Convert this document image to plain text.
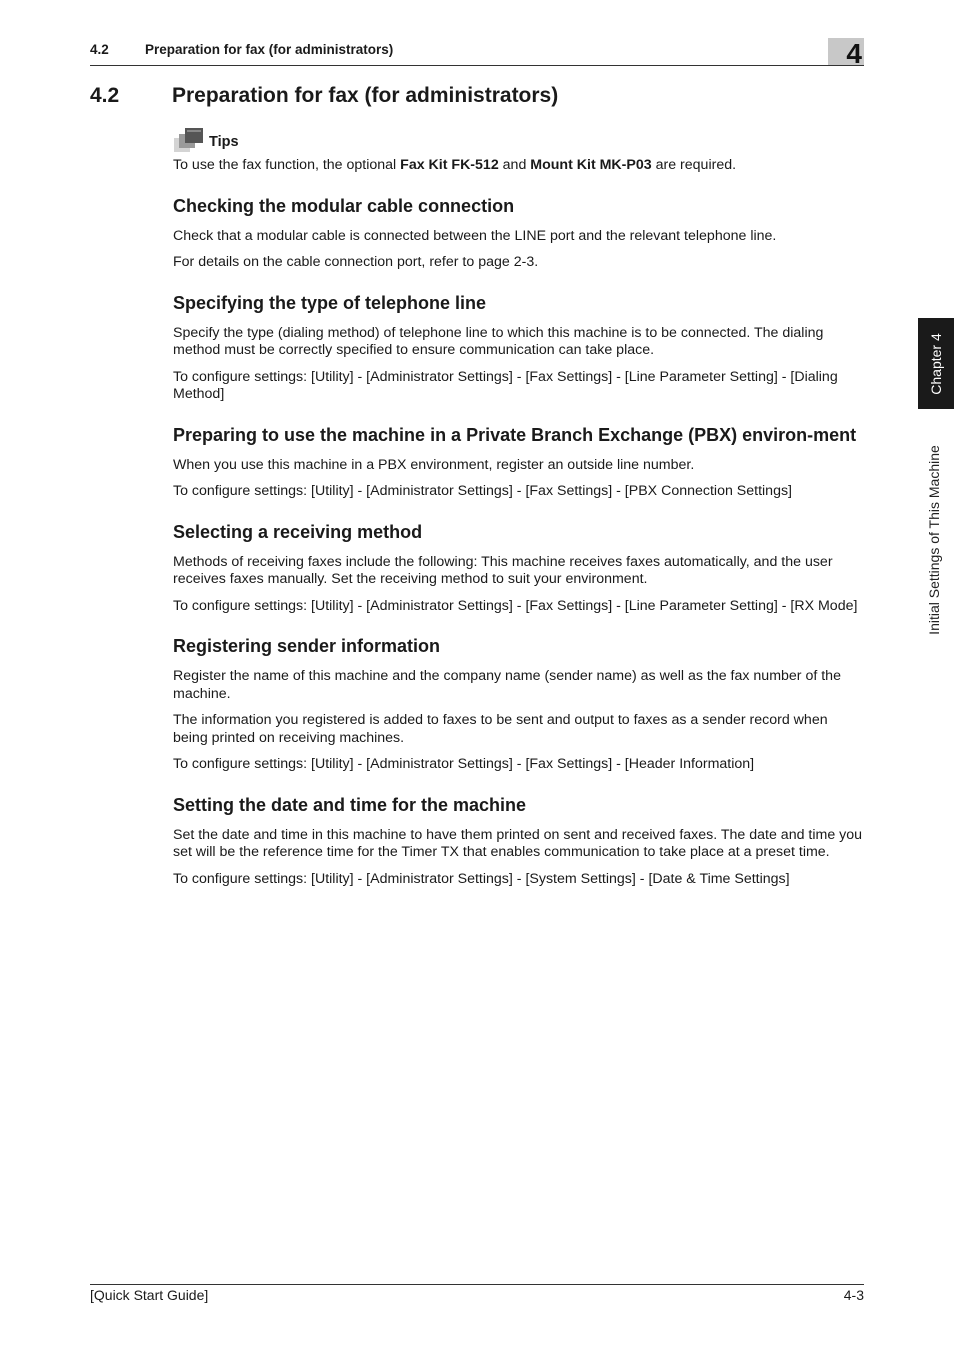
4.2	Preparation for fax (for administrators)	4
Chapter 4
Initial Settings of This Machine
4.2	Preparation for fax (for administrators)
Tips

To use the fax function, the optional Fax Kit FK-512 and Mount Kit MK-P03 are required.

Checking the modular cable connection

Check that a modular cable is connected between the LINE port and the relevant telephone line.

For details on the cable connection port, refer to page 2-3.

Specifying the type of telephone line

Specify the type (dialing method) of telephone line to which this machine is to be connected. The dialing method must be correctly specified to ensure communication can take place.

To configure settings: [Utility] - [Administrator Settings] - [Fax Settings] - [Line Parameter Setting] - [Dialing Method]

Preparing to use the machine in a Private Branch Exchange (PBX) environ-ment

When you use this machine in a PBX environment, register an outside line number.

To configure settings: [Utility] - [Administrator Settings] - [Fax Settings] - [PBX Connection Settings]

Selecting a receiving method

Methods of receiving faxes include the following: This machine receives faxes automatically, and the user receives faxes manually. Set the receiving method to suit your environment.

To configure settings: [Utility] - [Administrator Settings] - [Fax Settings] - [Line Parameter Setting] - [RX Mode]

Registering sender information

Register the name of this machine and the company name (sender name) as well as the fax number of the machine.

The information you registered is added to faxes to be sent and output to faxes as a sender record when being printed on receiving machines.

To configure settings: [Utility] - [Administrator Settings] - [Fax Settings] - [Header Information]

Setting the date and time for the machine

Set the date and time in this machine to have them printed on sent and received faxes. The date and time you set will be the reference time for the Timer TX that enables communication to take place at a preset time.

To configure settings: [Utility] - [Administrator Settings] - [System Settings] - [Date & Time Settings]

[Quick Start Guide]	4-3
